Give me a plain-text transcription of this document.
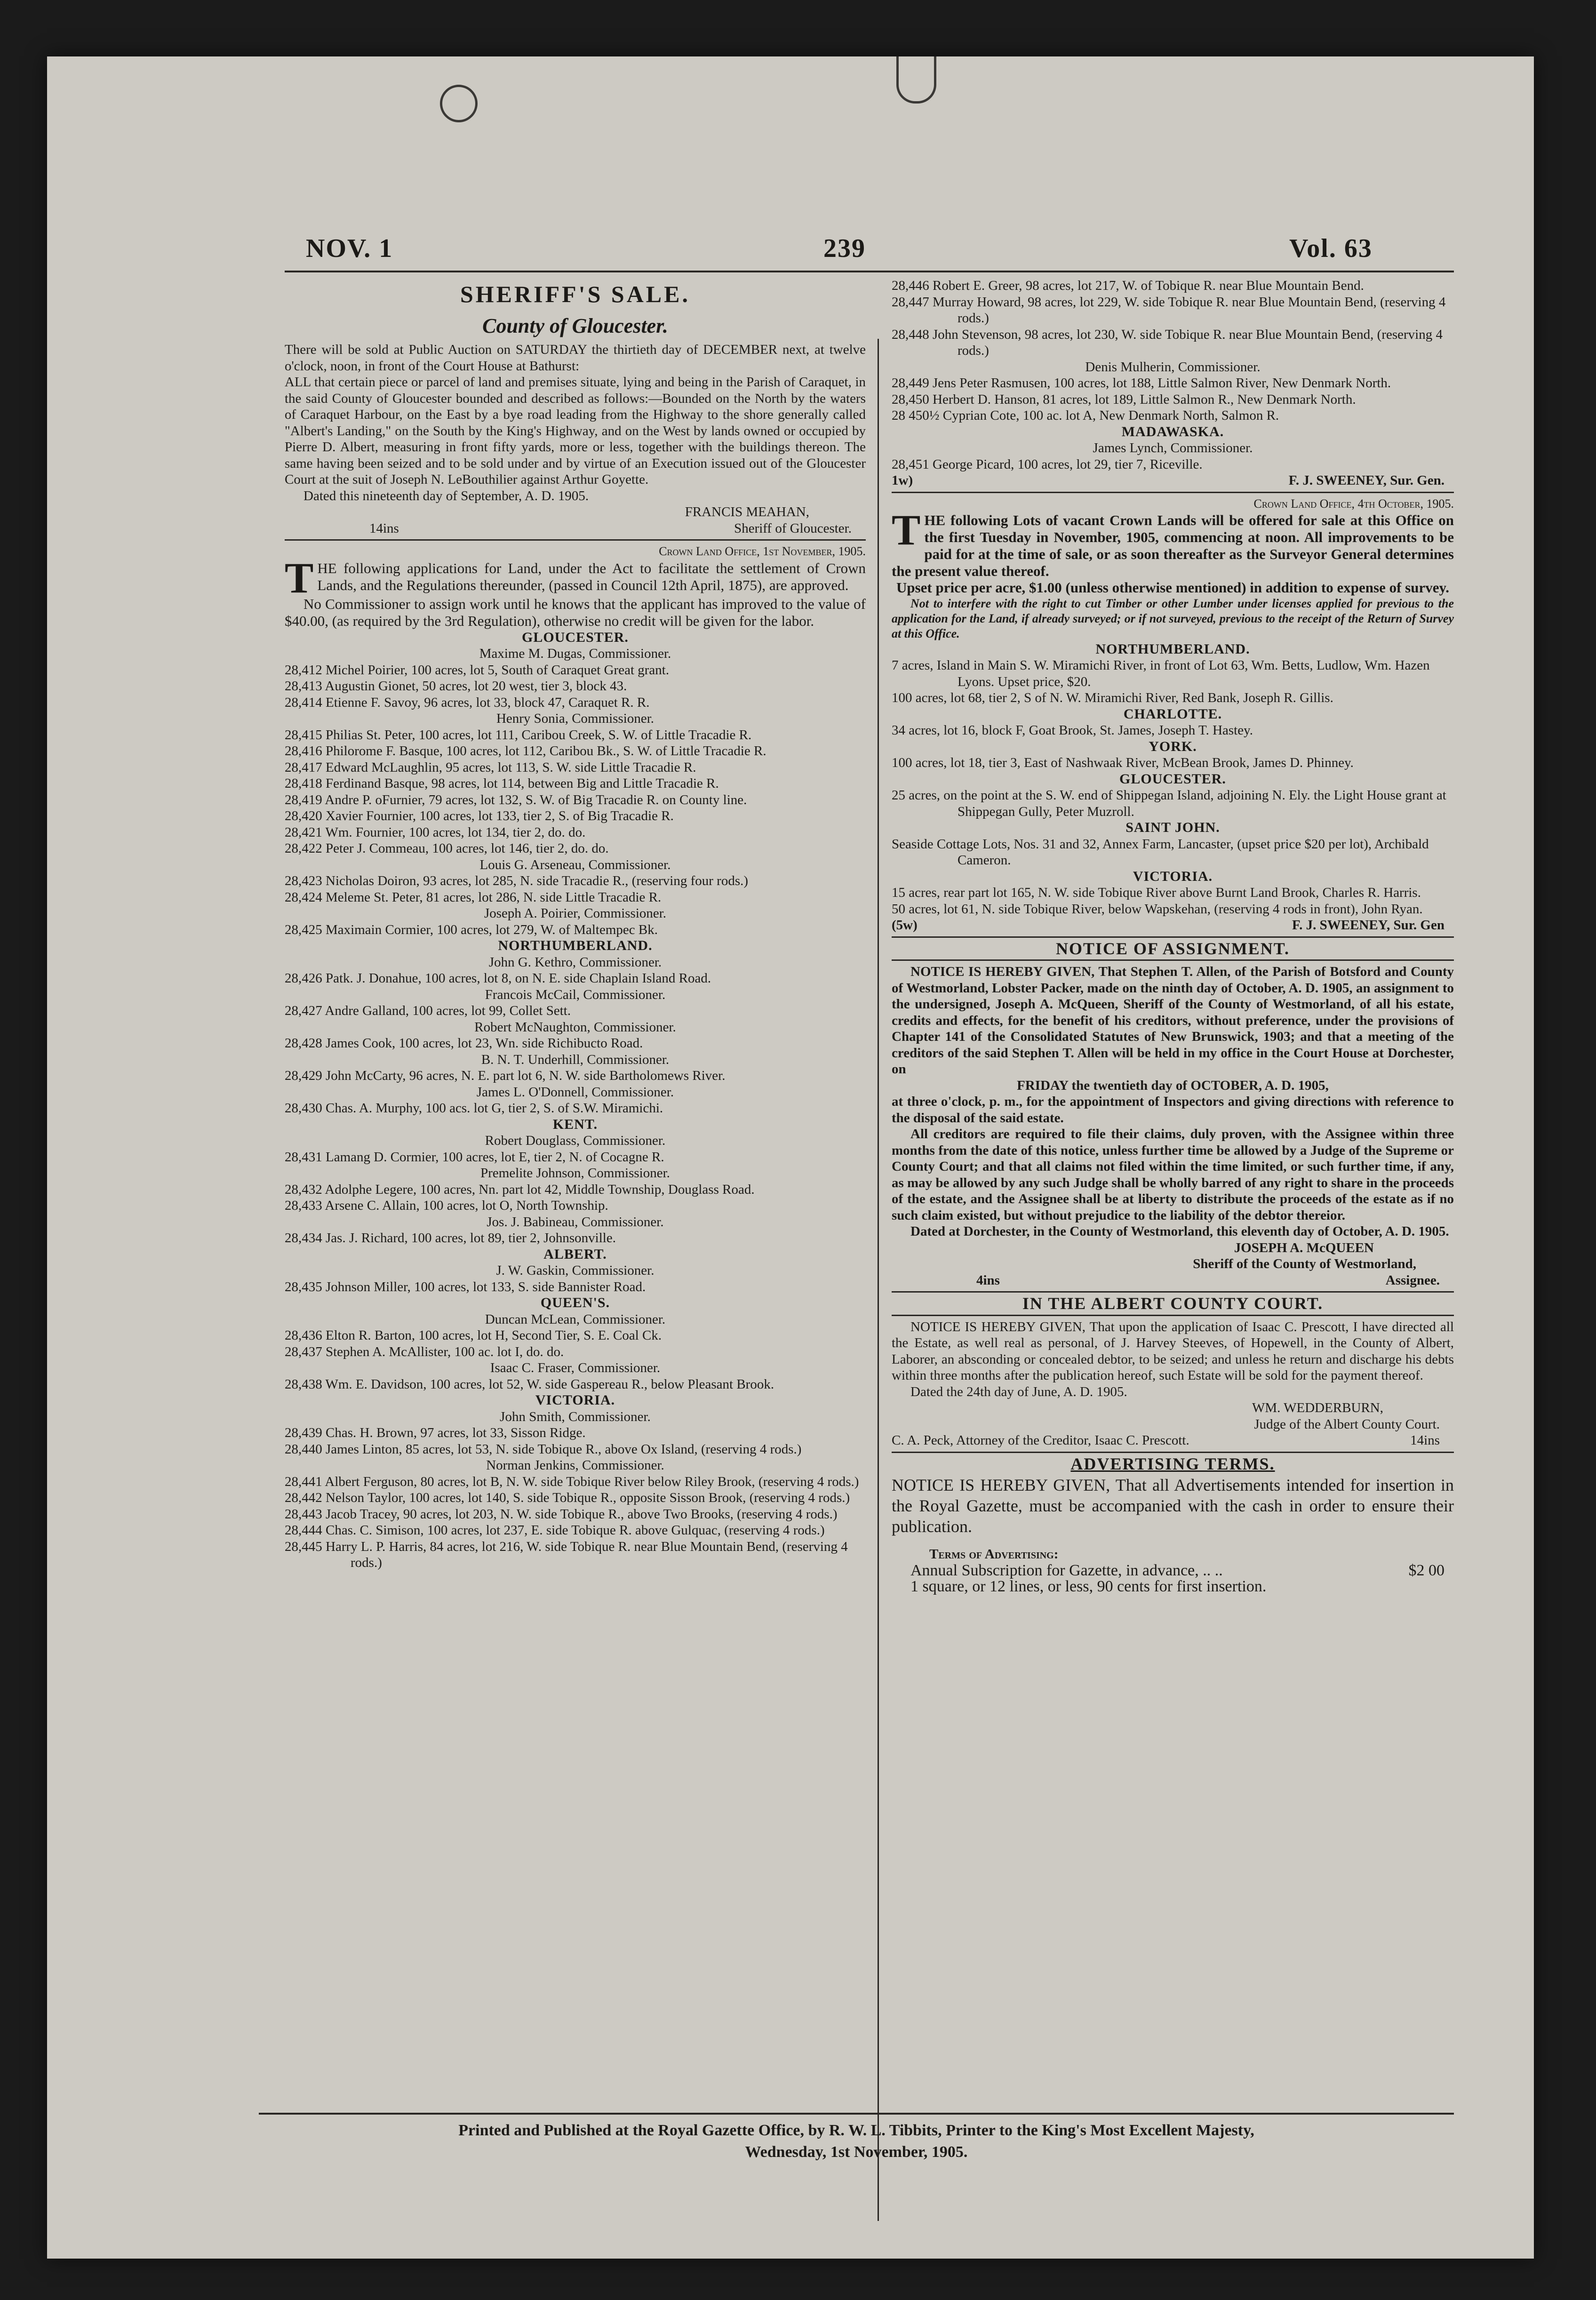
NOV. 1	239	Vol. 63
SHERIFF'S SALE.
County of Gloucester.

There will be sold at Public Auction on SATURDAY the thirtieth day of DECEMBER next, at twelve o'clock, noon, in front of the Court House at Bathurst:

ALL that certain piece or parcel of land and premises situate, lying and being in the Parish of Caraquet, in the said County of Gloucester bounded and described as follows:—Bounded on the North by the waters of Caraquet Harbour, on the East by a bye road leading from the Highway to the shore generally called "Albert's Landing," on the South by the King's Highway, and on the West by lands owned or occupied by Pierre D. Albert, measuring in front fifty yards, more or less, together with the buildings thereon. The same having been seized and to be sold under and by virtue of an Execution issued out of the Gloucester Court at the suit of Joseph N. LeBouthilier against Arthur Goyette.

Dated this nineteenth day of September, A. D. 1905.

FRANCIS MEAHAN,

14ins	Sheriff of Gloucester.
Crown Land Office, 1st November, 1905.

THE following applications for Land, under the Act to facilitate the settlement of Crown Lands, and the Regulations thereunder, (passed in Council 12th April, 1875), are approved.

No Commissioner to assign work until he knows that the applicant has improved to the value of $40.00, (as required by the 3rd Regulation), otherwise no credit will be given for the labor.

GLOUCESTER.
Maxime M. Dugas, Commissioner.
28,412 Michel Poirier, 100 acres, lot 5, South of Caraquet Great grant.
28,413 Augustin Gionet, 50 acres, lot 20 west, tier 3, block 43.
28,414 Etienne F. Savoy, 96 acres, lot 33, block 47, Caraquet R. R.
Henry Sonia, Commissioner.
28,415 Philias St. Peter, 100 acres, lot 111, Caribou Creek, S. W. of Little Tracadie R.
28,416 Philorome F. Basque, 100 acres, lot 112, Caribou Bk., S. W. of Little Tracadie R.
28,417 Edward McLaughlin, 95 acres, lot 113, S. W. side Little Tracadie R.
28,418 Ferdinand Basque, 98 acres, lot 114, between Big and Little Tracadie R.
28,419 Andre P. oFurnier, 79 acres, lot 132, S. W. of Big Tracadie R. on County line.
28,420 Xavier Fournier, 100 acres, lot 133, tier 2, S. of Big Tracadie R.
28,421 Wm. Fournier, 100 acres, lot 134, tier 2, do. do.
28,422 Peter J. Commeau, 100 acres, lot 146, tier 2, do. do.
Louis G. Arseneau, Commissioner.
28,423 Nicholas Doiron, 93 acres, lot 285, N. side Tracadie R., (reserving four rods.)
28,424 Meleme St. Peter, 81 acres, lot 286, N. side Little Tracadie R.
Joseph A. Poirier, Commissioner.
28,425 Maximain Cormier, 100 acres, lot 279, W. of Maltempec Bk.
NORTHUMBERLAND.
John G. Kethro, Commissioner.
28,426 Patk. J. Donahue, 100 acres, lot 8, on N. E. side Chaplain Island Road.
Francois McCail, Commissioner.
28,427 Andre Galland, 100 acres, lot 99, Collet Sett.
Robert McNaughton, Commissioner.
28,428 James Cook, 100 acres, lot 23, Wn. side Richibucto Road.
B. N. T. Underhill, Commissioner.
28,429 John McCarty, 96 acres, N. E. part lot 6, N. W. side Bartholomews River.
James L. O'Donnell, Commissioner.
28,430 Chas. A. Murphy, 100 acs. lot G, tier 2, S. of S.W. Miramichi.
KENT.
Robert Douglass, Commissioner.
28,431 Lamang D. Cormier, 100 acres, lot E, tier 2, N. of Cocagne R.
Premelite Johnson, Commissioner.
28,432 Adolphe Legere, 100 acres, Nn. part lot 42, Middle Township, Douglass Road.
28,433 Arsene C. Allain, 100 acres, lot O, North Township.
Jos. J. Babineau, Commissioner.
28,434 Jas. J. Richard, 100 acres, lot 89, tier 2, Johnsonville.
ALBERT.
J. W. Gaskin, Commissioner.
28,435 Johnson Miller, 100 acres, lot 133, S. side Bannister Road.
QUEEN'S.
Duncan McLean, Commissioner.
28,436 Elton R. Barton, 100 acres, lot H, Second Tier, S. E. Coal Ck.
28,437 Stephen A. McAllister, 100 ac. lot I, do. do.
Isaac C. Fraser, Commissioner.
28,438 Wm. E. Davidson, 100 acres, lot 52, W. side Gaspereau R., below Pleasant Brook.
VICTORIA.
John Smith, Commissioner.
28,439 Chas. H. Brown, 97 acres, lot 33, Sisson Ridge.
28,440 James Linton, 85 acres, lot 53, N. side Tobique R., above Ox Island, (reserving 4 rods.)
Norman Jenkins, Commissioner.
28,441 Albert Ferguson, 80 acres, lot B, N. W. side Tobique River below Riley Brook, (reserving 4 rods.)
28,442 Nelson Taylor, 100 acres, lot 140, S. side Tobique R., opposite Sisson Brook, (reserving 4 rods.)
28,443 Jacob Tracey, 90 acres, lot 203, N. W. side Tobique R., above Two Brooks, (reserving 4 rods.)
28,444 Chas. C. Simison, 100 acres, lot 237, E. side Tobique R. above Gulquac, (reserving 4 rods.)
28,445 Harry L. P. Harris, 84 acres, lot 216, W. side Tobique R. near Blue Mountain Bend, (reserving 4 rods.)
28,446 Robert E. Greer, 98 acres, lot 217, W. of Tobique R. near Blue Mountain Bend.
28,447 Murray Howard, 98 acres, lot 229, W. side Tobique R. near Blue Mountain Bend, (reserving 4 rods.)
28,448 John Stevenson, 98 acres, lot 230, W. side Tobique R. near Blue Mountain Bend, (reserving 4 rods.)
Denis Mulherin, Commissioner.
28,449 Jens Peter Rasmusen, 100 acres, lot 188, Little Salmon River, New Denmark North.
28,450 Herbert D. Hanson, 81 acres, lot 189, Little Salmon R., New Denmark North.
28 450½ Cyprian Cote, 100 ac. lot A, New Denmark North, Salmon R.
MADAWASKA.
James Lynch, Commissioner.
28,451 George Picard, 100 acres, lot 29, tier 7, Riceville.
1w)	F. J. SWEENEY, Sur. Gen.
Crown Land Office, 4th October, 1905.

THE following Lots of vacant Crown Lands will be offered for sale at this Office on the first Tuesday in November, 1905, commencing at noon. All improvements to be paid for at the time of sale, or as soon thereafter as the Surveyor General determines the present value thereof.

Upset price per acre, $1.00 (unless otherwise mentioned) in addition to expense of survey.

Not to interfere with the right to cut Timber or other Lumber under licenses applied for previous to the application for the Land, if already surveyed; or if not surveyed, previous to the receipt of the Return of Survey at this Office.

NORTHUMBERLAND.
7 acres, Island in Main S. W. Miramichi River, in front of Lot 63, Wm. Betts, Ludlow, Wm. Hazen Lyons. Upset price, $20.
100 acres, lot 68, tier 2, S of N. W. Miramichi River, Red Bank, Joseph R. Gillis.
CHARLOTTE.
34 acres, lot 16, block F, Goat Brook, St. James, Joseph T. Hastey.
YORK.
100 acres, lot 18, tier 3, East of Nashwaak River, McBean Brook, James D. Phinney.
GLOUCESTER.
25 acres, on the point at the S. W. end of Shippegan Island, adjoining N. Ely. the Light House grant at Shippegan Gully, Peter Muzroll.
SAINT JOHN.
Seaside Cottage Lots, Nos. 31 and 32, Annex Farm, Lancaster, (upset price $20 per lot), Archibald Cameron.
VICTORIA.
15 acres, rear part lot 165, N. W. side Tobique River above Burnt Land Brook, Charles R. Harris.
50 acres, lot 61, N. side Tobique River, below Wapskehan, (reserving 4 rods in front), John Ryan.
(5w)	F. J. SWEENEY, Sur. Gen
NOTICE OF ASSIGNMENT.

NOTICE IS HEREBY GIVEN, That Stephen T. Allen, of the Parish of Botsford and County of Westmorland, Lobster Packer, made on the ninth day of October, A. D. 1905, an assignment to the undersigned, Joseph A. McQueen, Sheriff of the County of Westmorland, of all his estate, credits and effects, for the benefit of his creditors, without preference, under the provisions of Chapter 141 of the Consolidated Statutes of New Brunswick, 1903; and that a meeting of the creditors of the said Stephen T. Allen will be held in my office in the Court House at Dorchester, on

FRIDAY the twentieth day of OCTOBER, A. D. 1905,

at three o'clock, p. m., for the appointment of Inspectors and giving directions with reference to the disposal of the said estate.

All creditors are required to file their claims, duly proven, with the Assignee within three months from the date of this notice, unless further time be allowed by a Judge of the Supreme or County Court; and that all claims not filed within the time limited, or such further time, if any, as may be allowed by any such Judge shall be wholly barred of any right to share in the proceeds of the estate, and the Assignee shall be at liberty to distribute the proceeds of the estate as if no such claim existed, but without prejudice to the liability of the debtor thereior.

Dated at Dorchester, in the County of Westmorland, this eleventh day of October, A. D. 1905.

JOSEPH A. McQUEEN

Sheriff of the County of Westmorland,

4ins	Assignee.
IN THE ALBERT COUNTY COURT.

NOTICE IS HEREBY GIVEN, That upon the application of Isaac C. Prescott, I have directed all the Estate, as well real as personal, of J. Harvey Steeves, of Hopewell, in the County of Albert, Laborer, an absconding or concealed debtor, to be seized; and unless he return and discharge his debts within three months after the publication hereof, such Estate will be sold for the payment thereof.

Dated the 24th day of June, A. D. 1905.

WM. WEDDERBURN,

Judge of the Albert County Court.

C. A. Peck, Attorney of the Creditor, Isaac C. Prescott.	14ins
ADVERTISING TERMS.

NOTICE IS HEREBY GIVEN, That all Advertisements intended for insertion in the Royal Gazette, must be accompanied with the cash in order to ensure their publication.

Terms of Advertising:

Annual Subscription for Gazette, in advance, .. ..	$2 00

1 square, or 12 lines, or less, 90 cents for first insertion.

Printed and Published at the Royal Gazette Office, by R. W. L. Tibbits, Printer to the King's Most Excellent Majesty,
Wednesday, 1st November, 1905.
